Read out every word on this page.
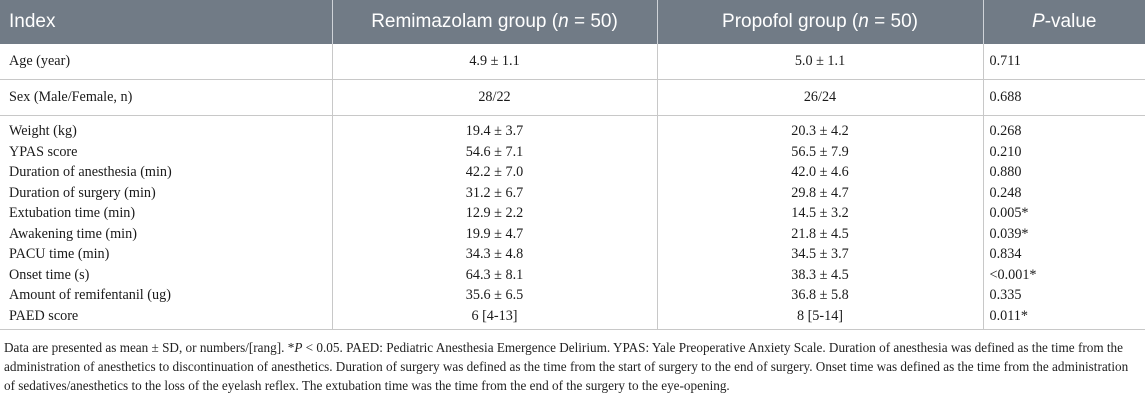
Index	Remimazolam group (n = 50)	Propofol group (n = 50)	P-value
Age (year)	4.9 ± 1.1	5.0 ± 1.1	0.711
Sex (Male/Female, n)	28/22	26/24	0.688
Weight (kg)	19.4 ± 3.7	20.3 ± 4.2	0.268
YPAS score	54.6 ± 7.1	56.5 ± 7.9	0.210
Duration of anesthesia (min)	42.2 ± 7.0	42.0 ± 4.6	0.880
Duration of surgery (min)	31.2 ± 6.7	29.8 ± 4.7	0.248
Extubation time (min)	12.9 ± 2.2	14.5 ± 3.2	0.005*
Awakening time (min)	19.9 ± 4.7	21.8 ± 4.5	0.039*
PACU time (min)	34.3 ± 4.8	34.5 ± 3.7	0.834
Onset time (s)	64.3 ± 8.1	38.3 ± 4.5	<0.001*
Amount of remifentanil (ug)	35.6 ± 6.5	36.8 ± 5.8	0.335
PAED score	6 [4-13]	8 [5-14]	0.011*

Data are presented as mean ± SD, or numbers/[rang]. *P < 0.05. PAED: Pediatric Anesthesia Emergence Delirium. YPAS: Yale Preoperative Anxiety Scale. Duration of anesthesia was defined as the time from the administration of anesthetics to discontinuation of anesthetics. Duration of surgery was defined as the time from the start of surgery to the end of surgery. Onset time was defined as the time from the administration of sedatives/anesthetics to the loss of the eyelash reflex. The extubation time was the time from the end of the surgery to the eye-opening.
